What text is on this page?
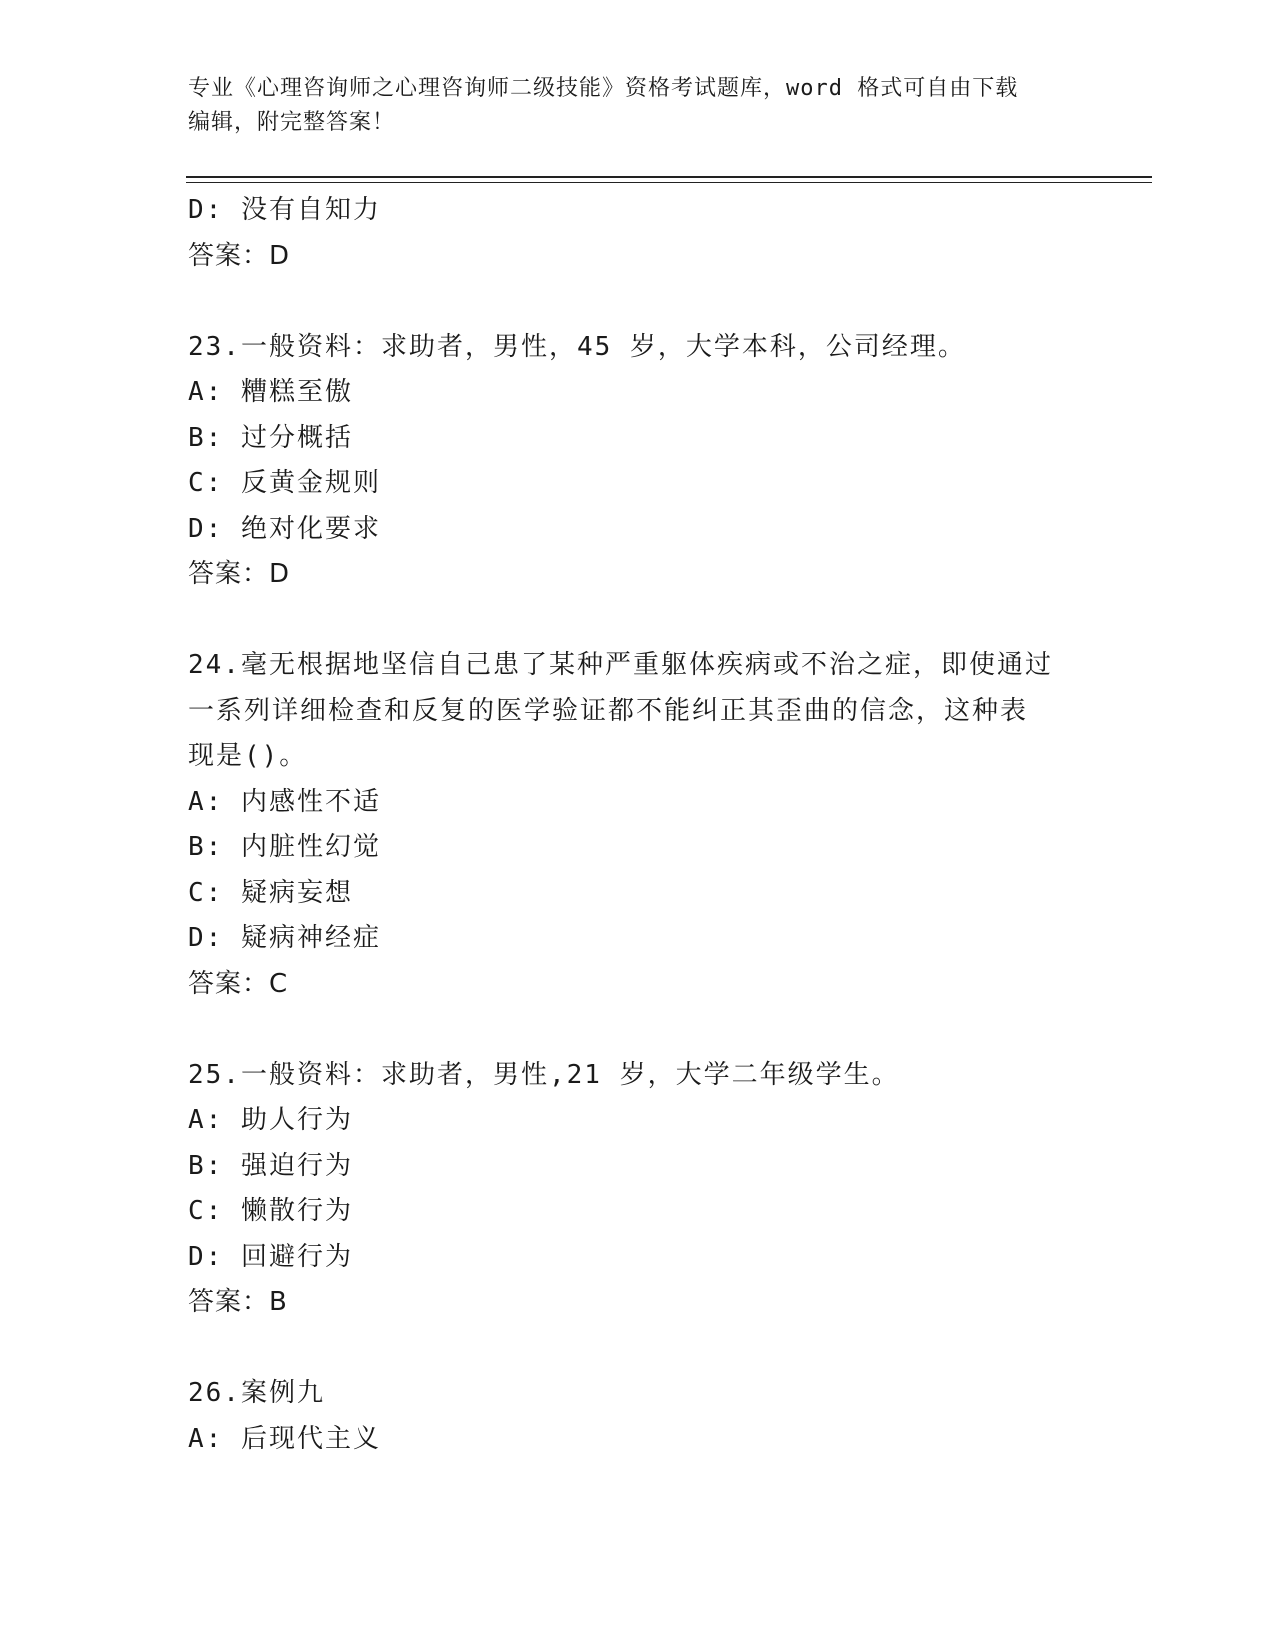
专业《心理咨询师之心理咨询师二级技能》资格考试题库，word 格式可自由下载
编辑，附完整答案！
D: 没有自知力
答案：D
23.一般资料：求助者，男性，45 岁，大学本科，公司经理。
A: 糟糕至傲
B: 过分概括
C: 反黄金规则
D: 绝对化要求
答案：D
24.毫无根据地坚信自己患了某种严重躯体疾病或不治之症，即使通过
一系列详细检查和反复的医学验证都不能纠正其歪曲的信念，这种表
现是()。
A: 内感性不适
B: 内脏性幻觉
C: 疑病妄想
D: 疑病神经症
答案：C
25.一般资料：求助者，男性,21 岁，大学二年级学生。
A: 助人行为
B: 强迫行为
C: 懒散行为
D: 回避行为
答案：B
26.案例九
A: 后现代主义
